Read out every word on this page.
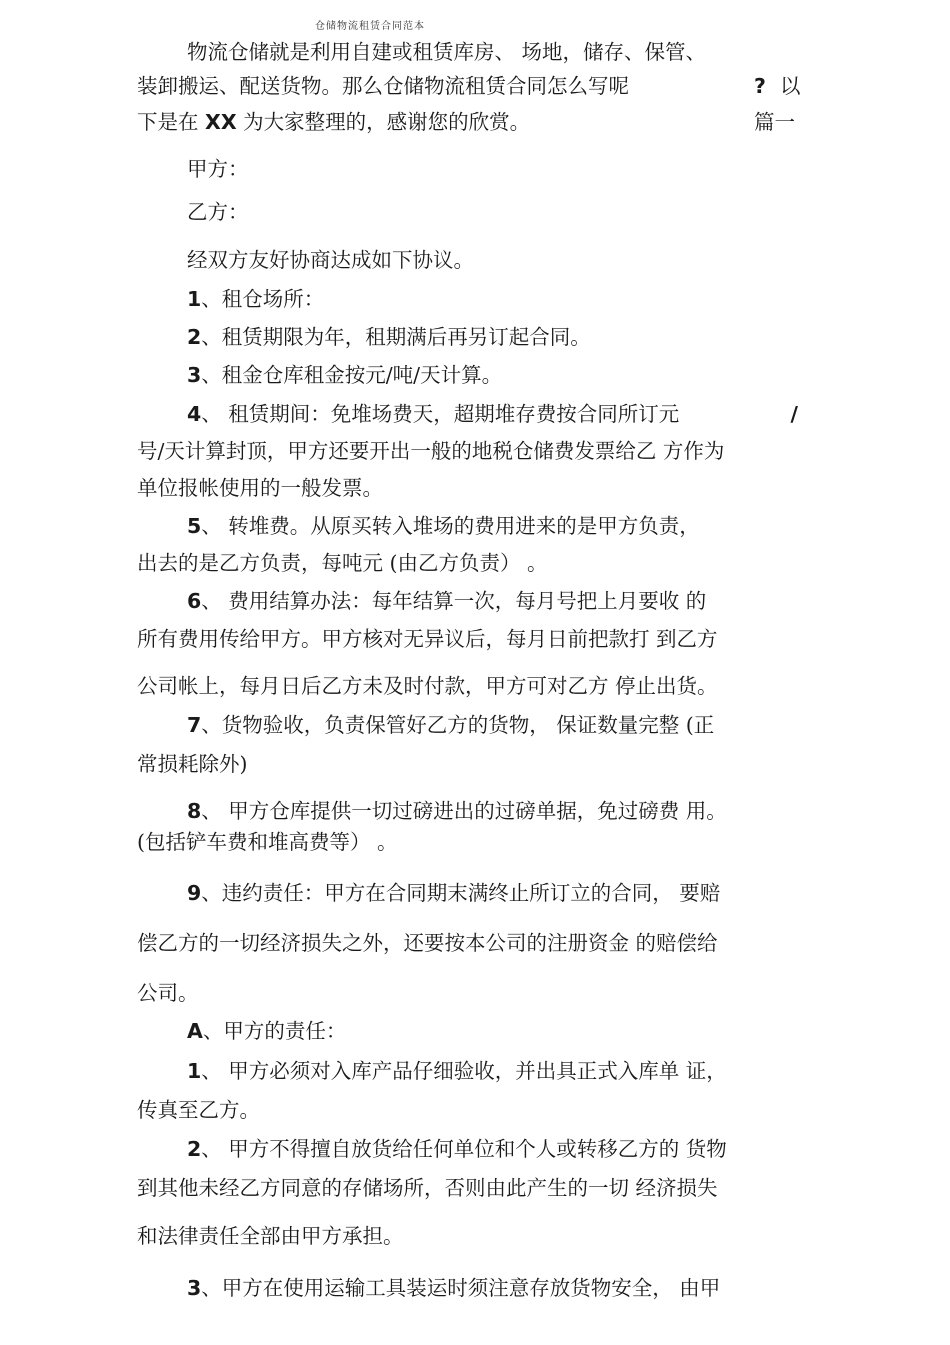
仓储物流租赁合同范本
物流仓储就是利用自建或租赁库房、 场地，储存、保管、
装卸搬运、配送货物。那么仓储物流租赁合同怎么写呢	? 以
下是在 XX 为大家整理的，感谢您的欣赏。	篇一
甲方：
乙方：
经双方友好协商达成如下协议。
1、租仓场所：
2、租赁期限为年，租期满后再另订起合同。
3、租金仓库租金按元/吨/天计算。
4、 租赁期间：免堆场费天，超期堆存费按合同所订元	/
号/天计算封顶，甲方还要开出一般的地税仓储费发票给乙 方作为
单位报帐使用的一般发票。
5、 转堆费。从原买转入堆场的费用进来的是甲方负责，
出去的是乙方负责，每吨元 (由乙方负责） 。
6、 费用结算办法：每年结算一次，每月号把上月要收 的
所有费用传给甲方。甲方核对无异议后，每月日前把款打 到乙方
公司帐上，每月日后乙方未及时付款，甲方可对乙方 停止出货。
7、货物验收，负责保管好乙方的货物， 保证数量完整 (正
常损耗除外)
8、 甲方仓库提供一切过磅进出的过磅单据，免过磅费 用。
(包括铲车费和堆高费等） 。
9、违约责任：甲方在合同期末满终止所订立的合同， 要赔
偿乙方的一切经济损失之外，还要按本公司的注册资金 的赔偿给
公司。
A、甲方的责任：
1、 甲方必须对入库产品仔细验收，并出具正式入库单 证，
传真至乙方。
2、 甲方不得擅自放货给任何单位和个人或转移乙方的 货物
到其他未经乙方同意的存储场所，否则由此产生的一切 经济损失
和法律责任全部由甲方承担。
3、甲方在使用运输工具装运时须注意存放货物安全， 由甲
